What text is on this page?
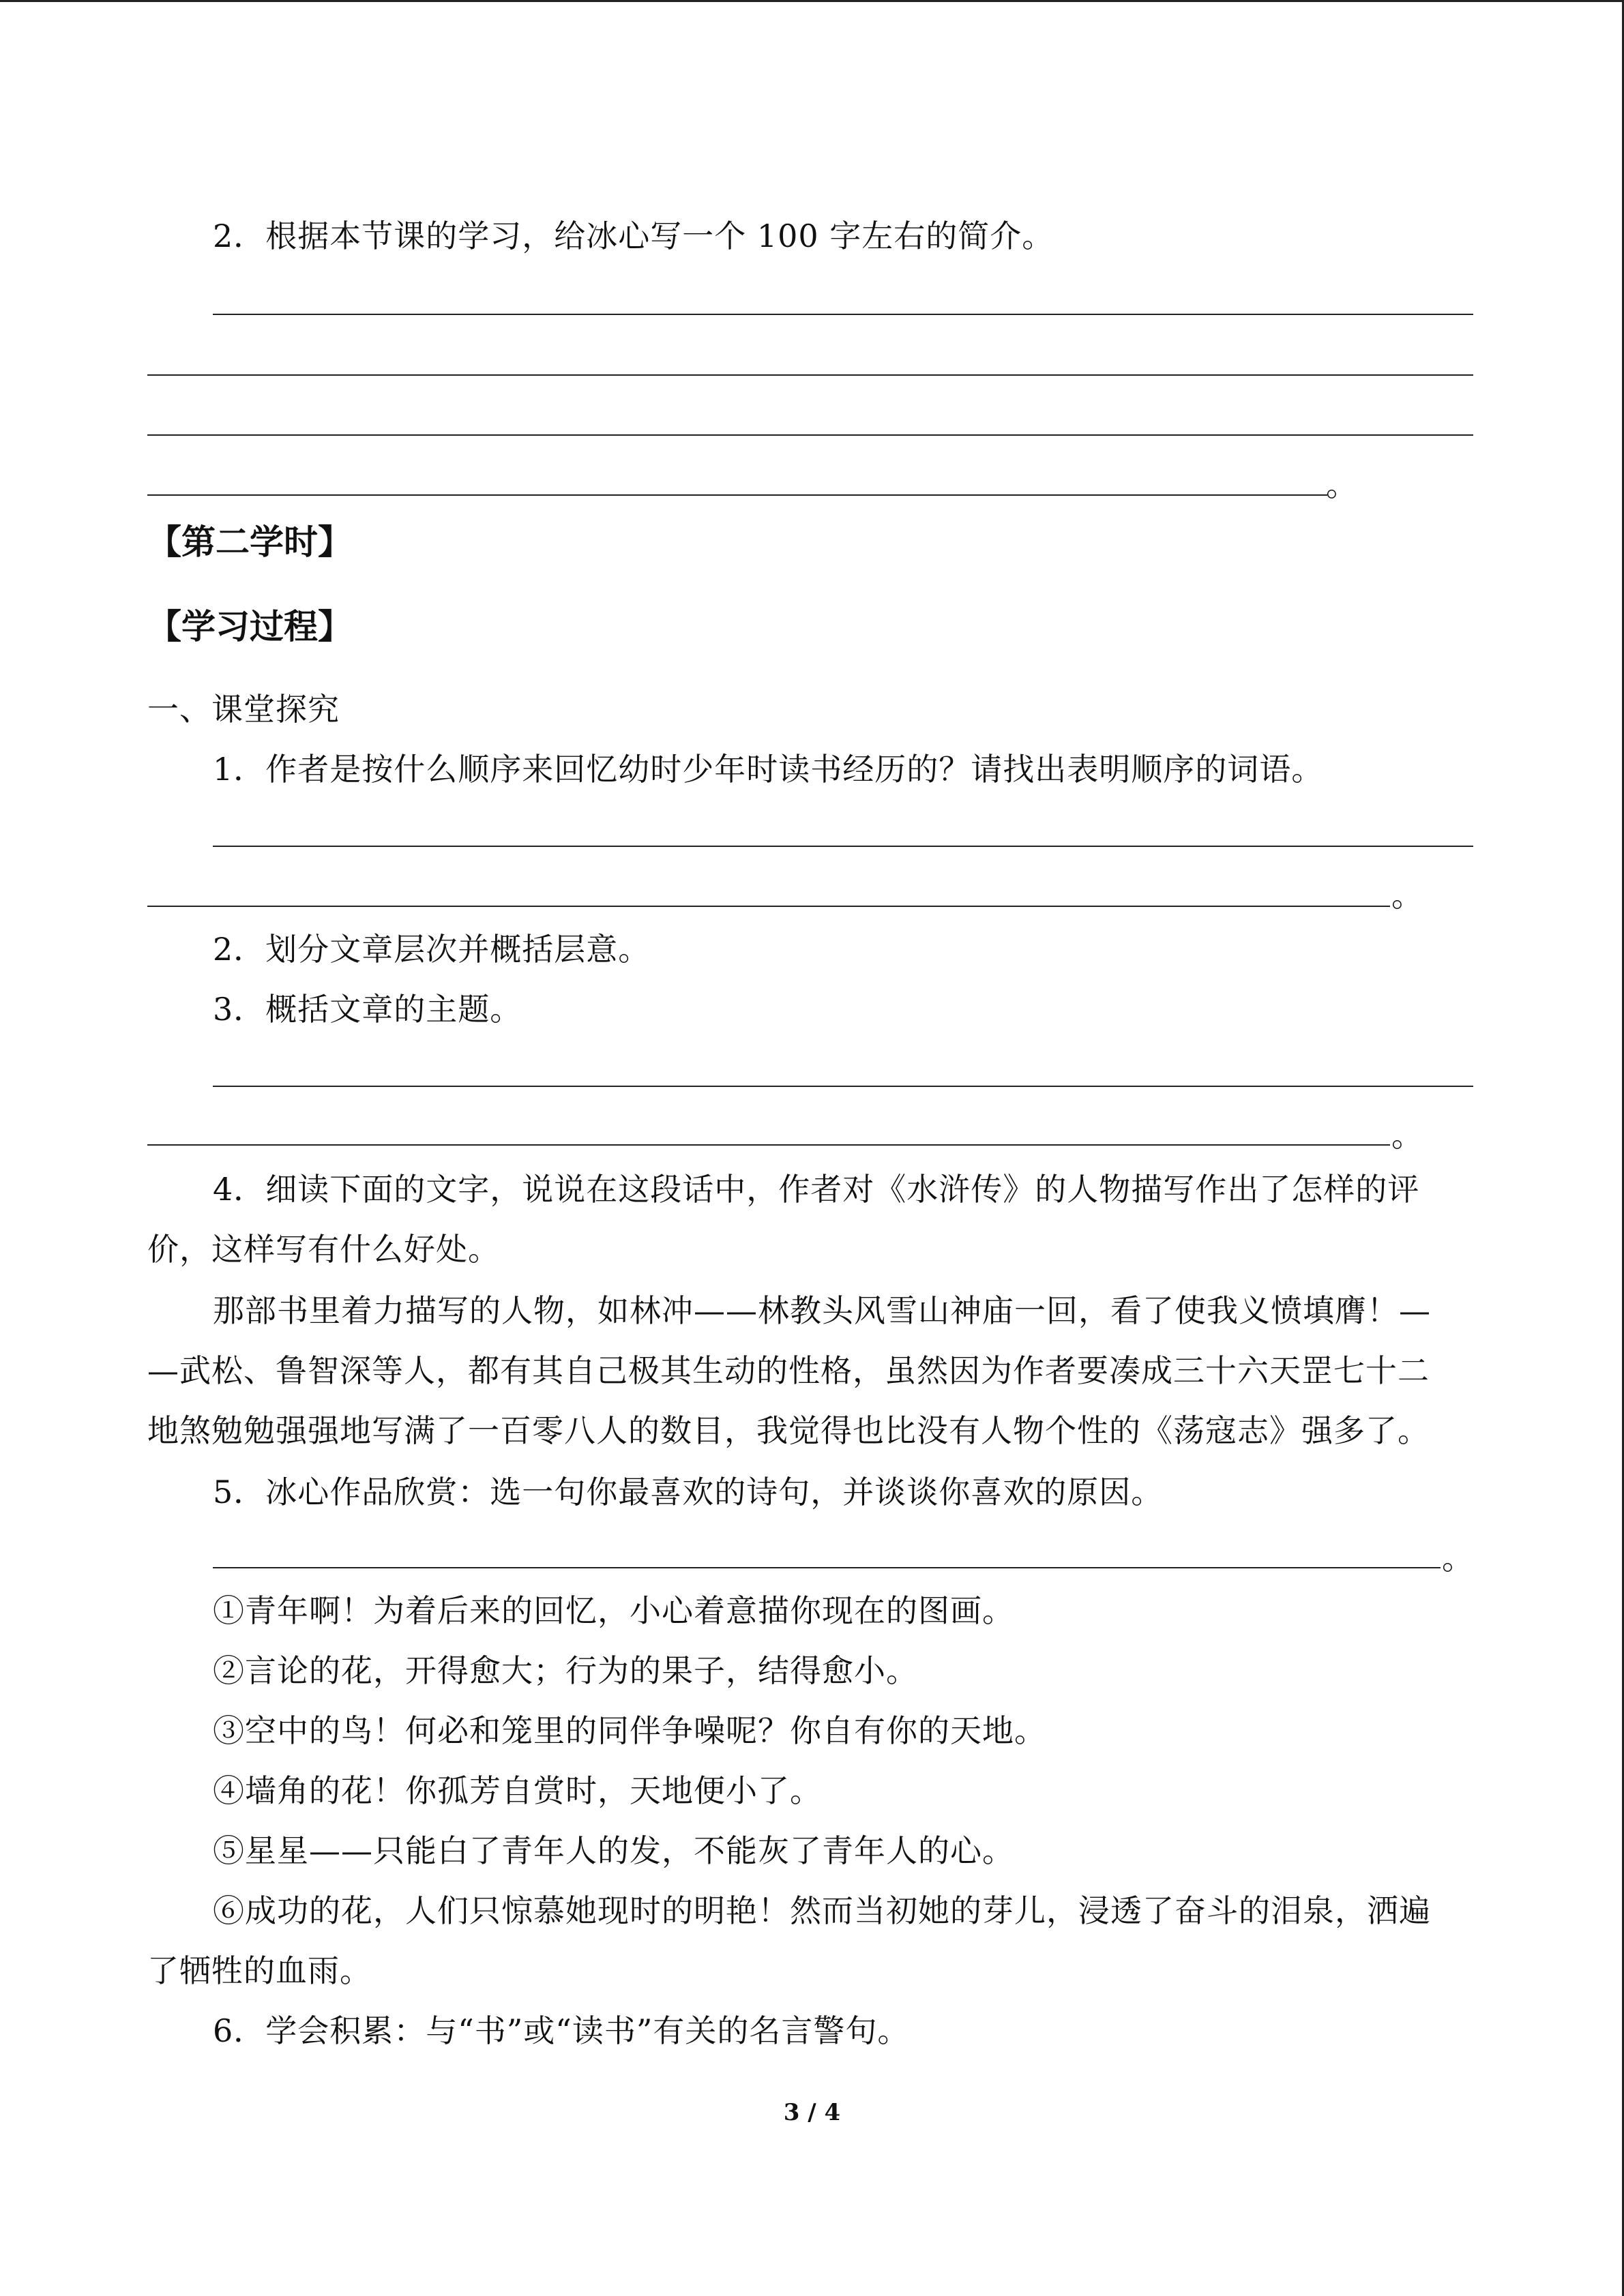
2．根据本节课的学习，给冰心写一个 100 字左右的简介。
。
【第二学时】
【学习过程】
一、课堂探究
1．作者是按什么顺序来回忆幼时少年时读书经历的？请找出表明顺序的词语。
。
2．划分文章层次并概括层意。
3．概括文章的主题。
。
4．细读下面的文字，说说在这段话中，作者对《水浒传》的人物描写作出了怎样的评
价，这样写有什么好处。
那部书里着力描写的人物，如林冲——林教头风雪山神庙一回，看了使我义愤填膺！—
—武松、鲁智深等人，都有其自己极其生动的性格，虽然因为作者要凑成三十六天罡七十二
地煞勉勉强强地写满了一百零八人的数目，我觉得也比没有人物个性的《荡寇志》强多了。
5．冰心作品欣赏：选一句你最喜欢的诗句，并谈谈你喜欢的原因。
。
①青年啊！为着后来的回忆，小心着意描你现在的图画。
②言论的花，开得愈大；行为的果子，结得愈小。
③空中的鸟！何必和笼里的同伴争噪呢？你自有你的天地。
④墙角的花！你孤芳自赏时，天地便小了。
⑤星星——只能白了青年人的发，不能灰了青年人的心。
⑥成功的花，人们只惊慕她现时的明艳！然而当初她的芽儿，浸透了奋斗的泪泉，洒遍
了牺牲的血雨。
6．学会积累：与“书”或“读书”有关的名言警句。
3 / 4
